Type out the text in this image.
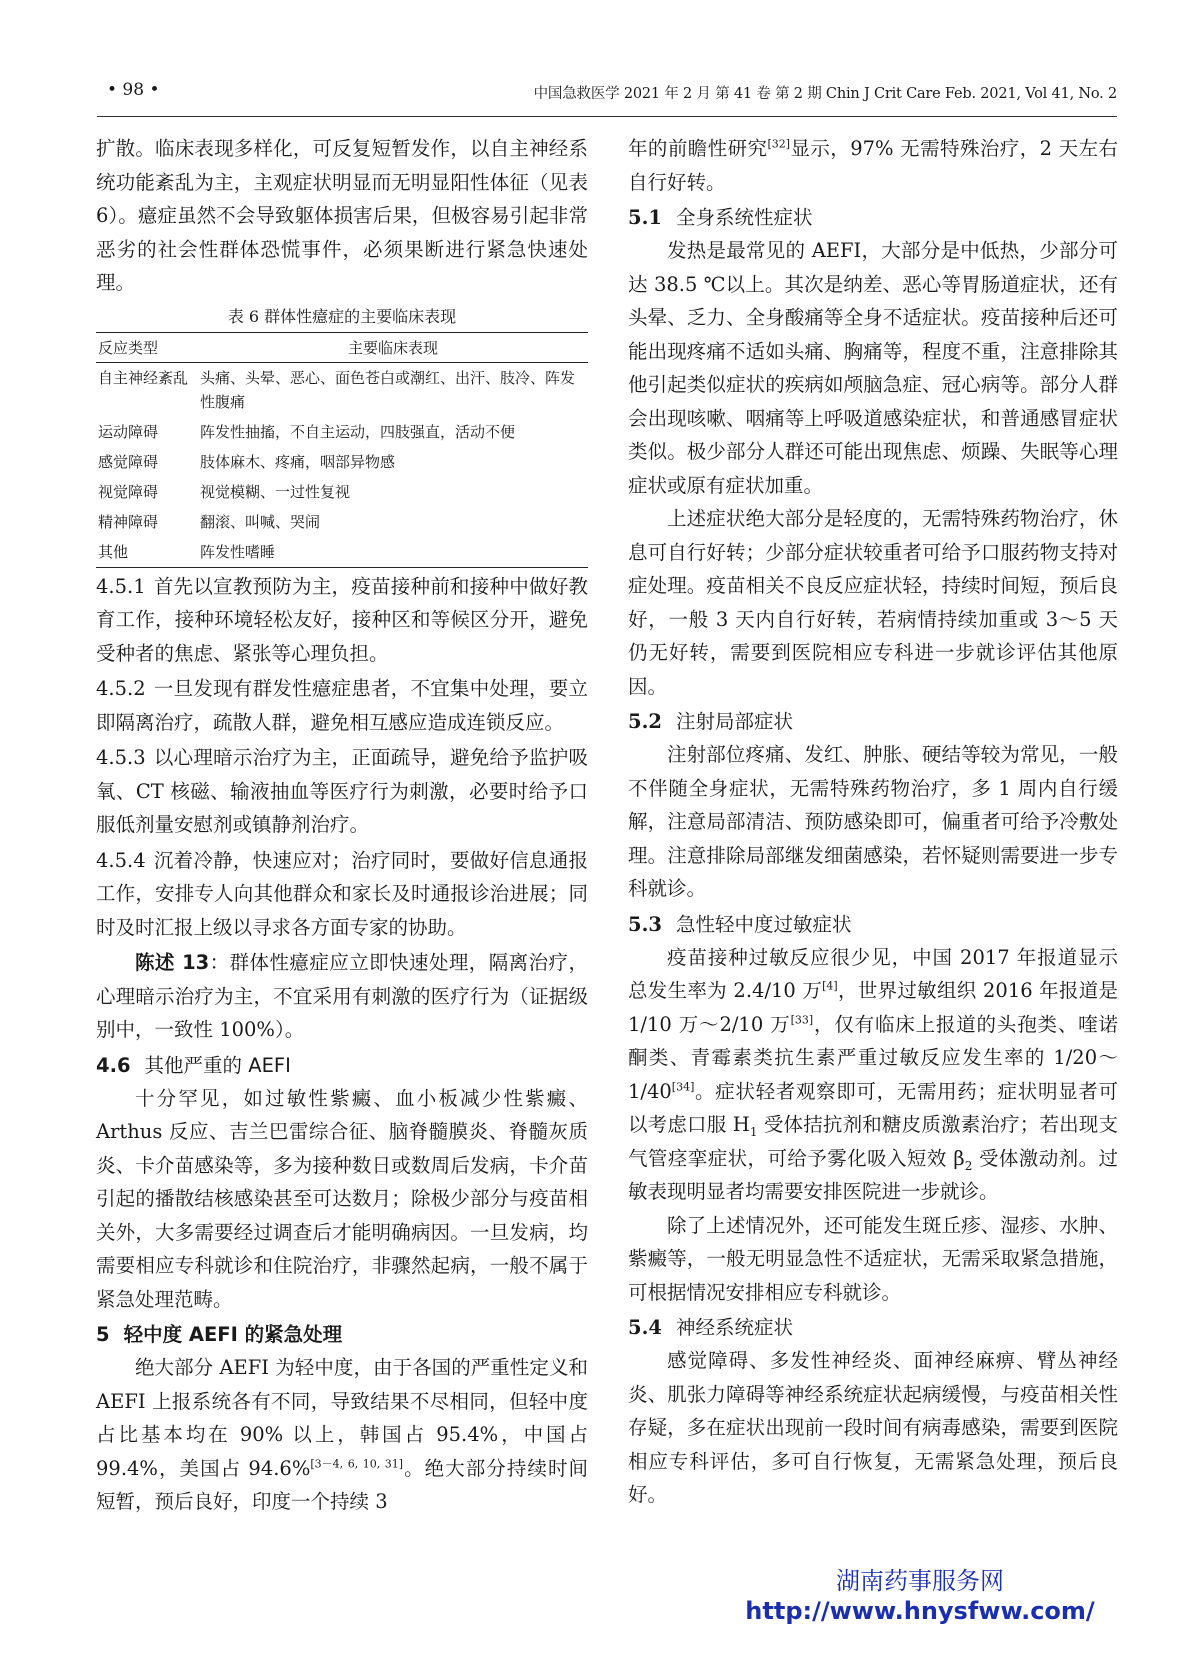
• 98 •	中国急救医学 2021 年 2 月 第 41 卷 第 2 期 Chin J Crit Care Feb. 2021, Vol 41, No. 2

扩散。临床表现多样化，可反复短暂发作，以自主神经系统功能紊乱为主，主观症状明显而无明显阳性体征（见表 6）。癔症虽然不会导致躯体损害后果，但极容易引起非常恶劣的社会性群体恐慌事件，必须果断进行紧急快速处理。

表 6 群体性癔症的主要临床表现
反应类型	主要临床表现
自主神经紊乱	头痛、头晕、恶心、面色苍白或潮红、出汗、肢冷、阵发性腹痛
运动障碍	阵发性抽搐，不自主运动，四肢强直，活动不便
感觉障碍	肢体麻木、疼痛，咽部异物感
视觉障碍	视觉模糊、一过性复视
精神障碍	翻滚、叫喊、哭闹
其他	阵发性嗜睡

4.5.1 首先以宣教预防为主，疫苗接种前和接种中做好教育工作，接种环境轻松友好，接种区和等候区分开，避免受种者的焦虑、紧张等心理负担。

4.5.2 一旦发现有群发性癔症患者，不宜集中处理，要立即隔离治疗，疏散人群，避免相互感应造成连锁反应。

4.5.3 以心理暗示治疗为主，正面疏导，避免给予监护吸氧、CT 核磁、输液抽血等医疗行为刺激，必要时给予口服低剂量安慰剂或镇静剂治疗。

4.5.4 沉着冷静，快速应对；治疗同时，要做好信息通报工作，安排专人向其他群众和家长及时通报诊治进展；同时及时汇报上级以寻求各方面专家的协助。

陈述 13：群体性癔症应立即快速处理，隔离治疗，心理暗示治疗为主，不宜采用有刺激的医疗行为（证据级别中，一致性 100%）。

4.6 其他严重的 AEFI

十分罕见，如过敏性紫癜、血小板减少性紫癜、Arthus 反应、吉兰巴雷综合征、脑脊髓膜炎、脊髓灰质炎、卡介苗感染等，多为接种数日或数周后发病，卡介苗引起的播散结核感染甚至可达数月；除极少部分与疫苗相关外，大多需要经过调查后才能明确病因。一旦发病，均需要相应专科就诊和住院治疗，非骤然起病，一般不属于紧急处理范畴。

5 轻中度 AEFI 的紧急处理

绝大部分 AEFI 为轻中度，由于各国的严重性定义和 AEFI 上报系统各有不同，导致结果不尽相同，但轻中度占比基本均在 90% 以上，韩国占 95.4%，中国占 99.4%，美国占 94.6%[3－4, 6, 10, 31]。绝大部分持续时间短暂，预后良好，印度一个持续 3

年的前瞻性研究[32]显示，97% 无需特殊治疗，2 天左右自行好转。

5.1 全身系统性症状

发热是最常见的 AEFI，大部分是中低热，少部分可达 38.5 ℃以上。其次是纳差、恶心等胃肠道症状，还有头晕、乏力、全身酸痛等全身不适症状。疫苗接种后还可能出现疼痛不适如头痛、胸痛等，程度不重，注意排除其他引起类似症状的疾病如颅脑急症、冠心病等。部分人群会出现咳嗽、咽痛等上呼吸道感染症状，和普通感冒症状类似。极少部分人群还可能出现焦虑、烦躁、失眠等心理症状或原有症状加重。

上述症状绝大部分是轻度的，无需特殊药物治疗，休息可自行好转；少部分症状较重者可给予口服药物支持对症处理。疫苗相关不良反应症状轻，持续时间短，预后良好，一般 3 天内自行好转，若病情持续加重或 3～5 天仍无好转，需要到医院相应专科进一步就诊评估其他原因。

5.2 注射局部症状

注射部位疼痛、发红、肿胀、硬结等较为常见，一般不伴随全身症状，无需特殊药物治疗，多 1 周内自行缓解，注意局部清洁、预防感染即可，偏重者可给予冷敷处理。注意排除局部继发细菌感染，若怀疑则需要进一步专科就诊。

5.3 急性轻中度过敏症状

疫苗接种过敏反应很少见，中国 2017 年报道显示总发生率为 2.4/10 万[4]，世界过敏组织 2016 年报道是 1/10 万～2/10 万[33]，仅有临床上报道的头孢类、喹诺酮类、青霉素类抗生素严重过敏反应发生率的 1/20～1/40[34]。症状轻者观察即可，无需用药；症状明显者可以考虑口服 $H_1$ 受体拮抗剂和糖皮质激素治疗；若出现支气管痉挛症状，可给予雾化吸入短效 $\beta_2$ 受体激动剂。过敏表现明显者均需要安排医院进一步就诊。

除了上述情况外，还可能发生斑丘疹、湿疹、水肿、紫癜等，一般无明显急性不适症状，无需采取紧急措施，可根据情况安排相应专科就诊。

5.4 神经系统症状

感觉障碍、多发性神经炎、面神经麻痹、臂丛神经炎、肌张力障碍等神经系统症状起病缓慢，与疫苗相关性存疑，多在症状出现前一段时间有病毒感染，需要到医院相应专科评估，多可自行恢复，无需紧急处理，预后良好。

湖南药事服务网
http://www.hnysfww.com/
